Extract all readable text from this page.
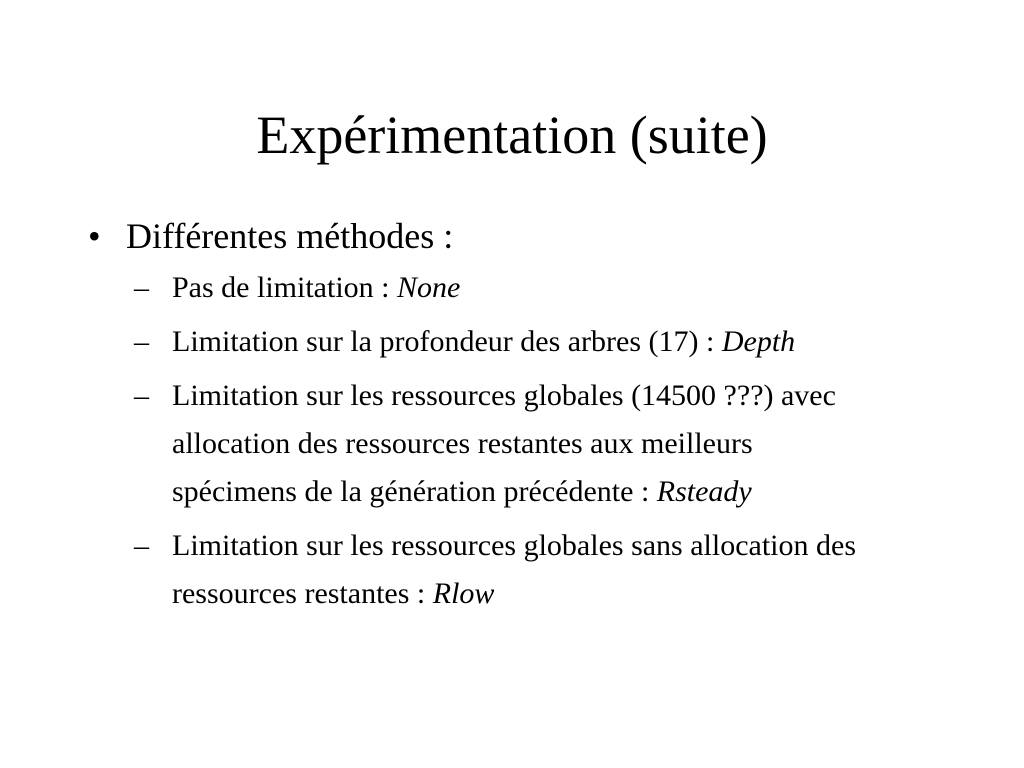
Expérimentation (suite)
• Différentes méthodes :
– Pas de limitation : None
– Limitation sur la profondeur des arbres (17) : Depth
– Limitation sur les ressources globales (14500 ???) avec allocation des ressources restantes aux meilleurs spécimens de la génération précédente : Rsteady
– Limitation sur les ressources globales sans allocation des ressources restantes : Rlow
